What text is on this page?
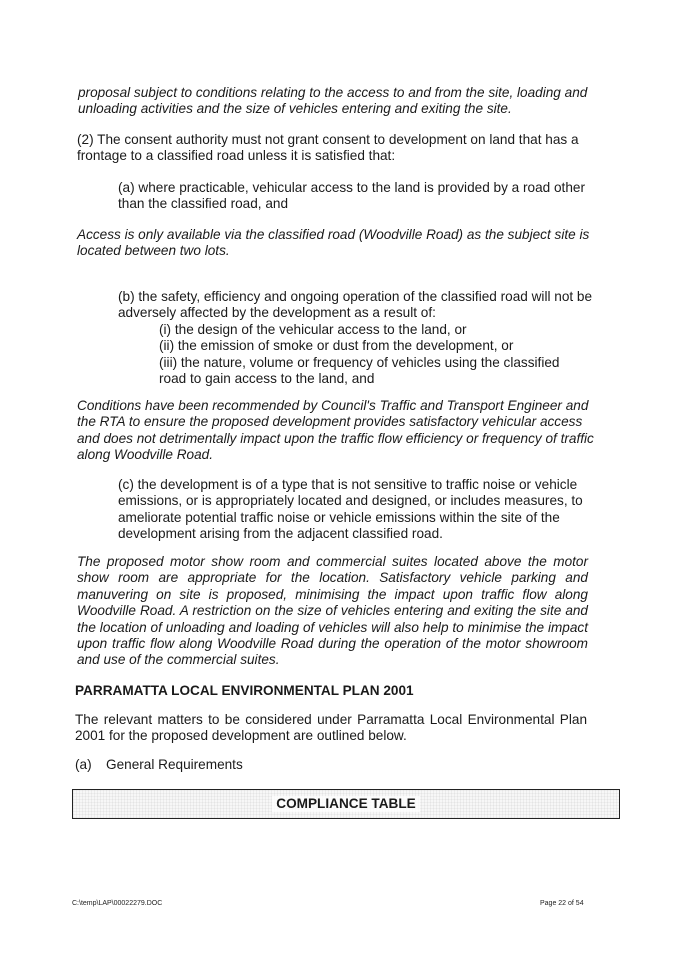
proposal subject to conditions relating to the access to and from the site, loading and unloading activities and the size of vehicles entering and exiting the site.

(2) The consent authority must not grant consent to development on land that has a frontage to a classified road unless it is satisfied that:

(a) where practicable, vehicular access to the land is provided by a road other than the classified road, and

Access is only available via the classified road (Woodville Road) as the subject site is located between two lots.

(b) the safety, efficiency and ongoing operation of the classified road will not be adversely affected by the development as a result of:
(i) the design of the vehicular access to the land, or
(ii) the emission of smoke or dust from the development, or
(iii) the nature, volume or frequency of vehicles using the classified road to gain access to the land, and

Conditions have been recommended by Council's Traffic and Transport Engineer and the RTA to ensure the proposed development provides satisfactory vehicular access and does not detrimentally impact upon the traffic flow efficiency or frequency of traffic along Woodville Road.

(c) the development is of a type that is not sensitive to traffic noise or vehicle emissions, or is appropriately located and designed, or includes measures, to ameliorate potential traffic noise or vehicle emissions within the site of the development arising from the adjacent classified road.

The proposed motor show room and commercial suites located above the motor show room are appropriate for the location. Satisfactory vehicle parking and manuvering on site is proposed, minimising the impact upon traffic flow along Woodville Road. A restriction on the size of vehicles entering and exiting the site and the location of unloading and loading of vehicles will also help to minimise the impact upon traffic flow along Woodville Road during the operation of the motor showroom and use of the commercial suites.

PARRAMATTA LOCAL ENVIRONMENTAL PLAN 2001

The relevant matters to be considered under Parramatta Local Environmental Plan 2001 for the proposed development are outlined below.

(a) General Requirements
COMPLIANCE TABLE
C:\temp\LAP\00022279.DOC	Page 22 of 54
